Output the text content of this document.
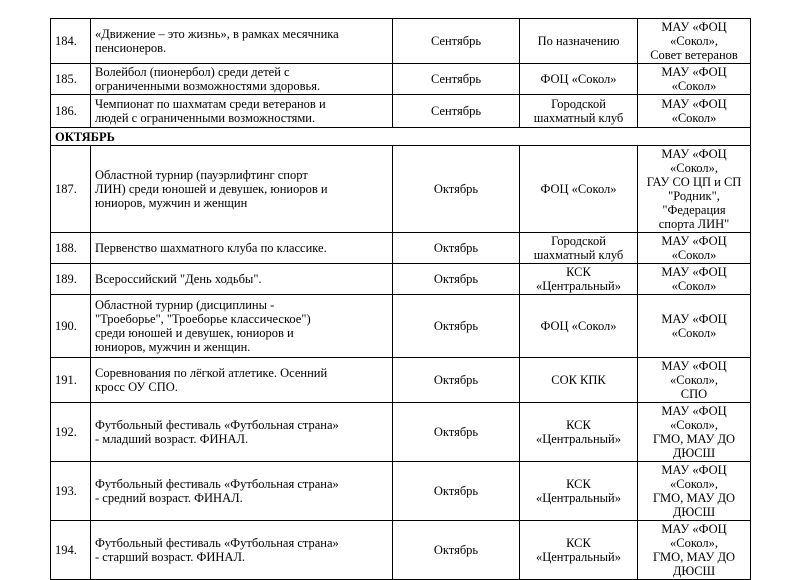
184.	«Движение – это жизнь», в рамках месячника
пенсионеров.	Сентябрь	По назначению	МАУ «ФОЦ «Сокол»,
Совет ветеранов
185.	Волейбол (пионербол) среди детей с
ограниченными возможностями здоровья.	Сентябрь	ФОЦ «Сокол»	МАУ «ФОЦ «Сокол»
186.	Чемпионат по шахматам среди ветеранов и
людей с ограниченными возможностями.	Сентябрь	Городской
шахматный клуб	МАУ «ФОЦ «Сокол»
ОКТЯБРЬ				
187.	Областной турнир (пауэрлифтинг спорт
ЛИН) среди юношей и девушек, юниоров и
юниоров, мужчин и женщин	Октябрь	ФОЦ «Сокол»	МАУ «ФОЦ «Сокол»,
ГАУ СО ЦП и СП
"Родник", "Федерация
спорта ЛИН"
188.	Первенство шахматного клуба по классике.	Октябрь	Городской
шахматный клуб	МАУ «ФОЦ «Сокол»
189.	Всероссийский "День ходьбы".	Октябрь	КСК «Центральный»	МАУ «ФОЦ «Сокол»
190.	Областной турнир (дисциплины -
"Троеборье", "Троеборье классическое")
среди юношей и девушек, юниоров и
юниоров, мужчин и женщин.	Октябрь	ФОЦ «Сокол»	МАУ «ФОЦ «Сокол»
191.	Соревнования по лёгкой атлетике. Осенний
кросс ОУ СПО.	Октябрь	СОК КПК	МАУ «ФОЦ «Сокол»,
СПО
192.	Футбольный фестиваль «Футбольная страна»
- младший возраст. ФИНАЛ.	Октябрь	КСК «Центральный»	МАУ «ФОЦ «Сокол»,
ГМО, МАУ ДО
ДЮСШ
193.	Футбольный фестиваль «Футбольная страна»
- средний возраст. ФИНАЛ.	Октябрь	КСК «Центральный»	МАУ «ФОЦ «Сокол»,
ГМО, МАУ ДО
ДЮСШ
194.	Футбольный фестиваль «Футбольная страна»
- старший возраст. ФИНАЛ.	Октябрь	КСК «Центральный»	МАУ «ФОЦ «Сокол»,
ГМО, МАУ ДО
ДЮСШ
